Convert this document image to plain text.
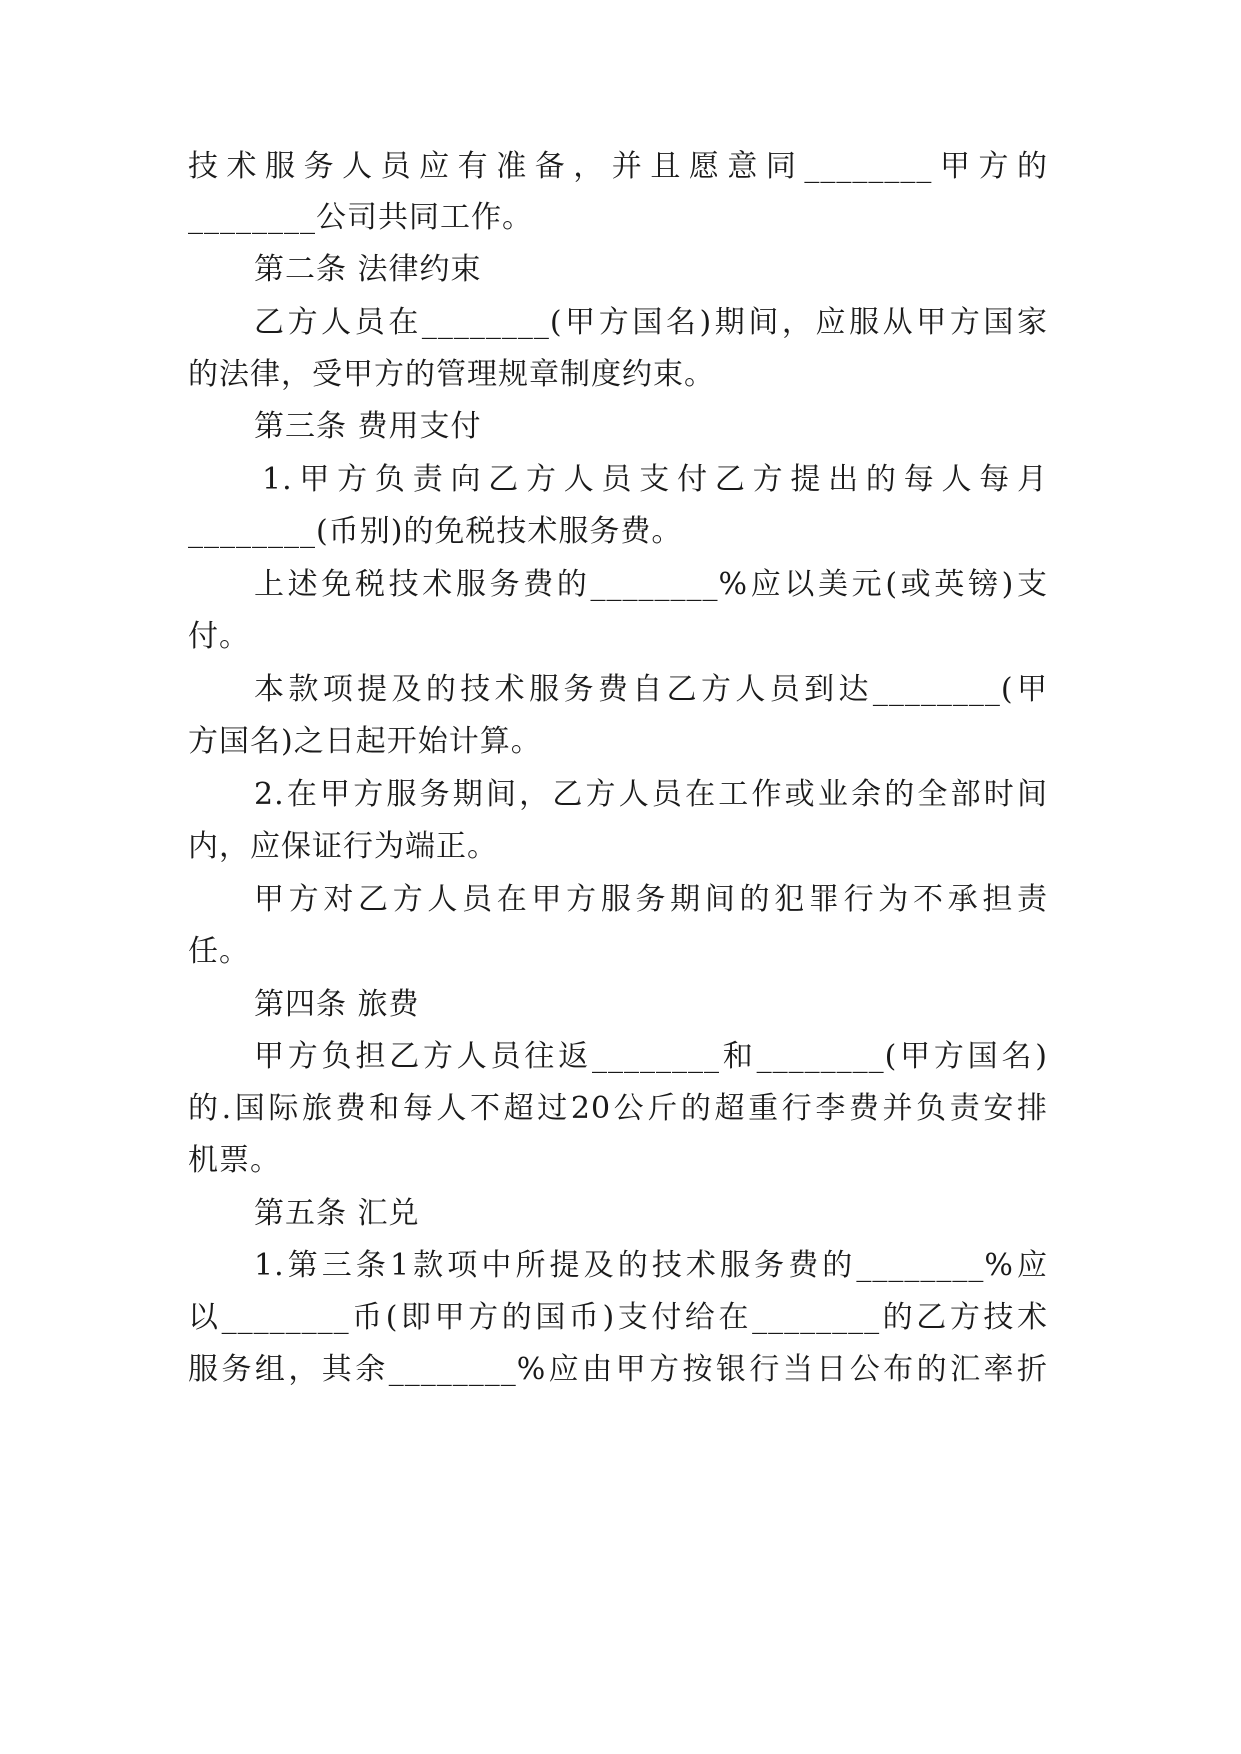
技术服务人员应有准备，并且愿意同________甲方的
________公司共同工作。
第二条 法律约束
乙方人员在________(甲方国名)期间，应服从甲方国家
的法律，受甲方的管理规章制度约束。
第三条 费用支付
1.甲方负责向乙方人员支付乙方提出的每人每月
________(币别)的免税技术服务费。
上述免税技术服务费的________%应以美元(或英镑)支
付。
本款项提及的技术服务费自乙方人员到达________(甲
方国名)之日起开始计算。
2.在甲方服务期间，乙方人员在工作或业余的全部时间
内，应保证行为端正。
甲方对乙方人员在甲方服务期间的犯罪行为不承担责
任。
第四条 旅费
甲方负担乙方人员往返________和________(甲方国名)
的.国际旅费和每人不超过20公斤的超重行李费并负责安排
机票。
第五条 汇兑
1.第三条1款项中所提及的技术服务费的________%应
以________币(即甲方的国币)支付给在________的乙方技术
服务组，其余________%应由甲方按银行当日公布的汇率折
